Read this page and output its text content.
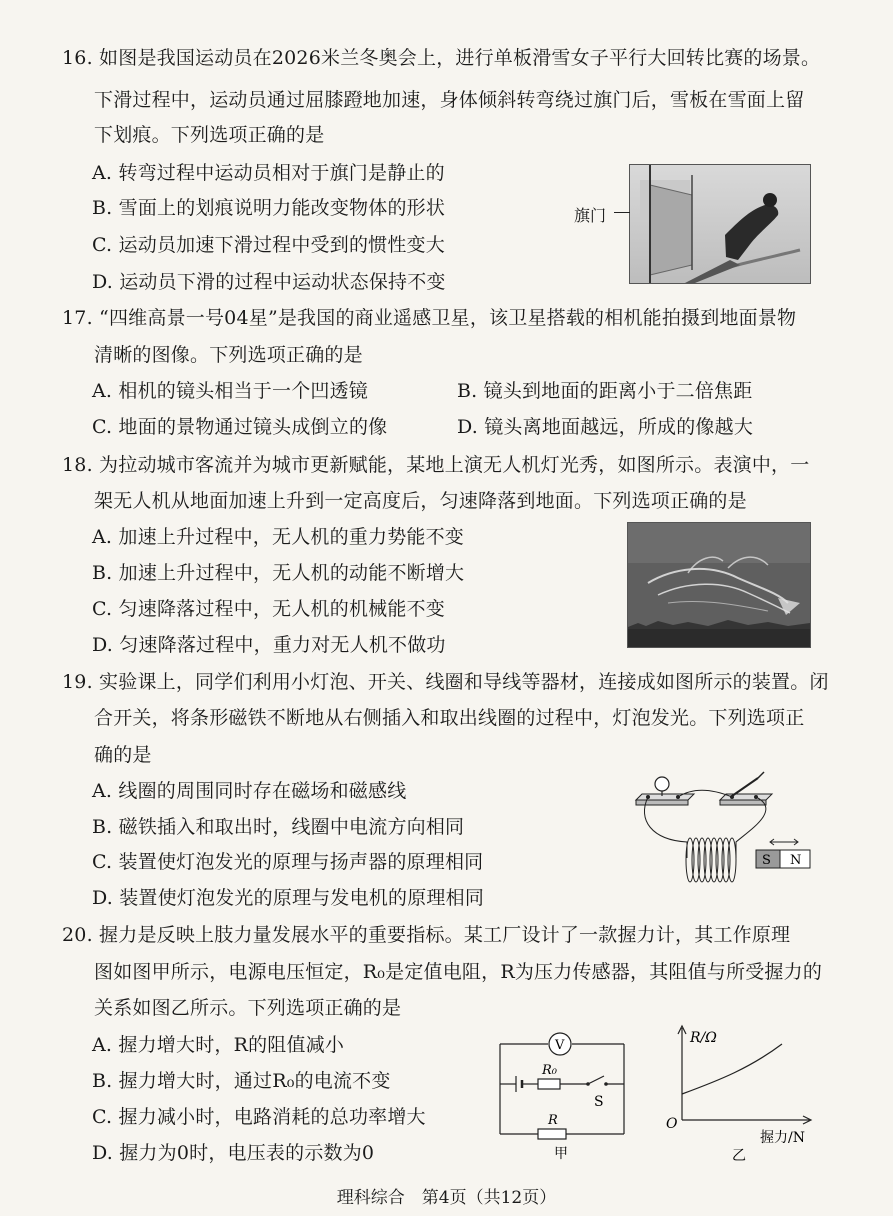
16. 如图是我国运动员在2026米兰冬奥会上，进行单板滑雪女子平行大回转比赛的场景。
下滑过程中，运动员通过屈膝蹬地加速，身体倾斜转弯绕过旗门后，雪板在雪面上留
下划痕。下列选项正确的是
A. 转弯过程中运动员相对于旗门是静止的
B. 雪面上的划痕说明力能改变物体的形状
C. 运动员加速下滑过程中受到的惯性变大
D. 运动员下滑的过程中运动状态保持不变
旗门
17. “四维高景一号04星”是我国的商业遥感卫星，该卫星搭载的相机能拍摄到地面景物
清晰的图像。下列选项正确的是
A. 相机的镜头相当于一个凹透镜	B. 镜头到地面的距离小于二倍焦距
C. 地面的景物通过镜头成倒立的像	D. 镜头离地面越远，所成的像越大
18. 为拉动城市客流并为城市更新赋能，某地上演无人机灯光秀，如图所示。表演中，一
架无人机从地面加速上升到一定高度后，匀速降落到地面。下列选项正确的是
A. 加速上升过程中，无人机的重力势能不变
B. 加速上升过程中，无人机的动能不断增大
C. 匀速降落过程中，无人机的机械能不变
D. 匀速降落过程中，重力对无人机不做功
19. 实验课上，同学们利用小灯泡、开关、线圈和导线等器材，连接成如图所示的装置。闭
合开关，将条形磁铁不断地从右侧插入和取出线圈的过程中，灯泡发光。下列选项正
确的是
A. 线圈的周围同时存在磁场和磁感线
B. 磁铁插入和取出时，线圈中电流方向相同
C. 装置使灯泡发光的原理与扬声器的原理相同
D. 装置使灯泡发光的原理与发电机的原理相同
S N
20. 握力是反映上肢力量发展水平的重要指标。某工厂设计了一款握力计，其工作原理
图如图甲所示，电源电压恒定，R₀是定值电阻，R为压力传感器，其阻值与所受握力的
关系如图乙所示。下列选项正确的是
A. 握力增大时，R的阻值减小
B. 握力增大时，通过R₀的电流不变
C. 握力减小时，电路消耗的总功率增大
D. 握力为0时，电压表的示数为0
V
R₀
S
R
甲
R/Ω
握力/N
O
乙
理科综合　第4页（共12页）
